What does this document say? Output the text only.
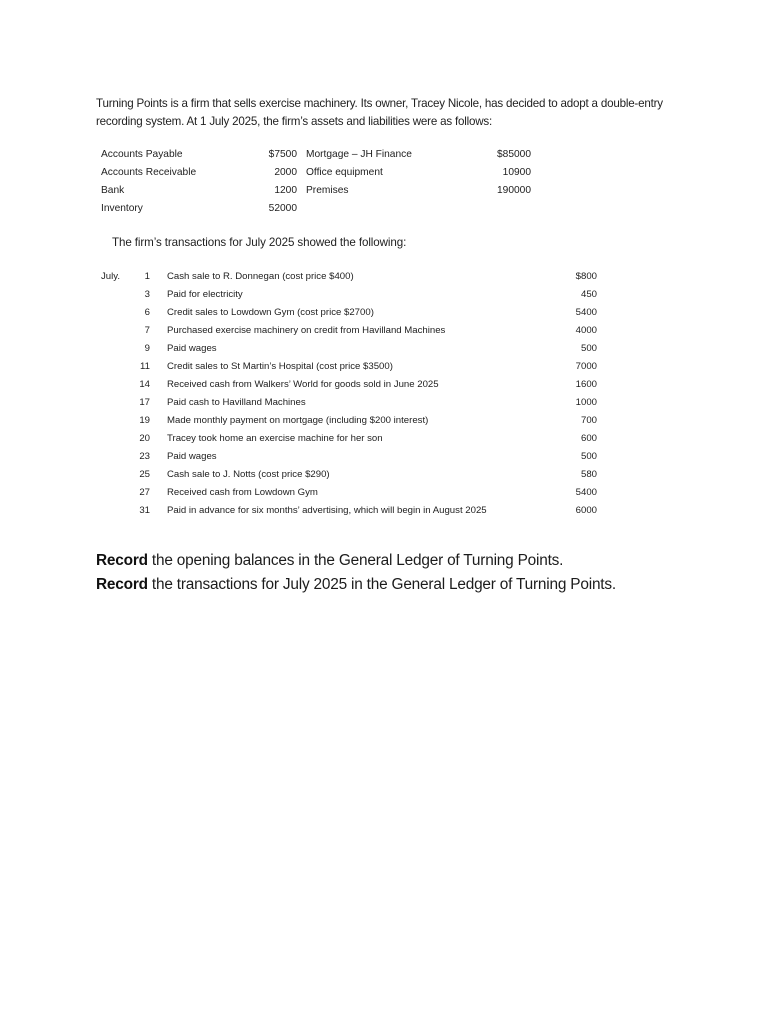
Turning Points is a firm that sells exercise machinery. Its owner, Tracey Nicole, has decided to adopt a double-entry recording system. At 1 July 2025, the firm’s assets and liabilities were as follows:

Accounts Payable	$7500	Mortgage – JH Finance	$85000
Accounts Receivable	2000	Office equipment	10900
Bank	1200	Premises	190000
Inventory	52000		

The firm’s transactions for July 2025 showed the following:

July.	1	Cash sale to R. Donnegan (cost price $400)	$800
	3	Paid for electricity	450
	6	Credit sales to Lowdown Gym (cost price $2700)	5400
	7	Purchased exercise machinery on credit from Havilland Machines	4000
	9	Paid wages	500
	11	Credit sales to St Martin’s Hospital (cost price $3500)	7000
	14	Received cash from Walkers’ World for goods sold in June 2025	1600
	17	Paid cash to Havilland Machines	1000
	19	Made monthly payment on mortgage (including $200 interest)	700
	20	Tracey took home an exercise machine for her son	600
	23	Paid wages	500
	25	Cash sale to J. Notts (cost price $290)	580
	27	Received cash from Lowdown Gym	5400
	31	Paid in advance for six months’ advertising, which will begin in August 2025	6000

Record the opening balances in the General Ledger of Turning Points.

Record the transactions for July 2025 in the General Ledger of Turning Points.
